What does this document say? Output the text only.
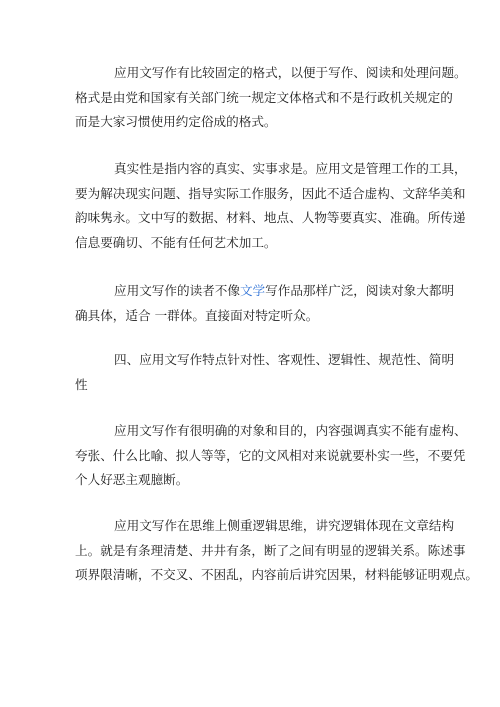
应用文写作有比较固定的格式，以便于写作、阅读和处理问题。
格式是由党和国家有关部门统一规定文体格式和不是行政机关规定的
而是大家习惯使用约定俗成的格式。

真实性是指内容的真实、实事求是。应用文是管理工作的工具，
要为解决现实问题、指导实际工作服务，因此不适合虚构、文辞华美和
韵味隽永。文中写的数据、材料、地点、人物等要真实、准确。所传递
信息要确切、不能有任何艺术加工。

应用文写作的读者不像文学写作品那样广泛，阅读对象大都明
确具体，适合 一群体。直接面对特定听众。

四、应用文写作特点针对性、客观性、逻辑性、规范性、简明
性

应用文写作有很明确的对象和目的，内容强调真实不能有虚构、
夸张、什么比喻、拟人等等，它的文风相对来说就要朴实一些，不要凭
个人好恶主观臆断。

应用文写作在思维上侧重逻辑思维，讲究逻辑体现在文章结构
上。就是有条理清楚、井井有条，断了之间有明显的逻辑关系。陈述事
项界限清晰，不交叉、不困乱，内容前后讲究因果，材料能够证明观点。
